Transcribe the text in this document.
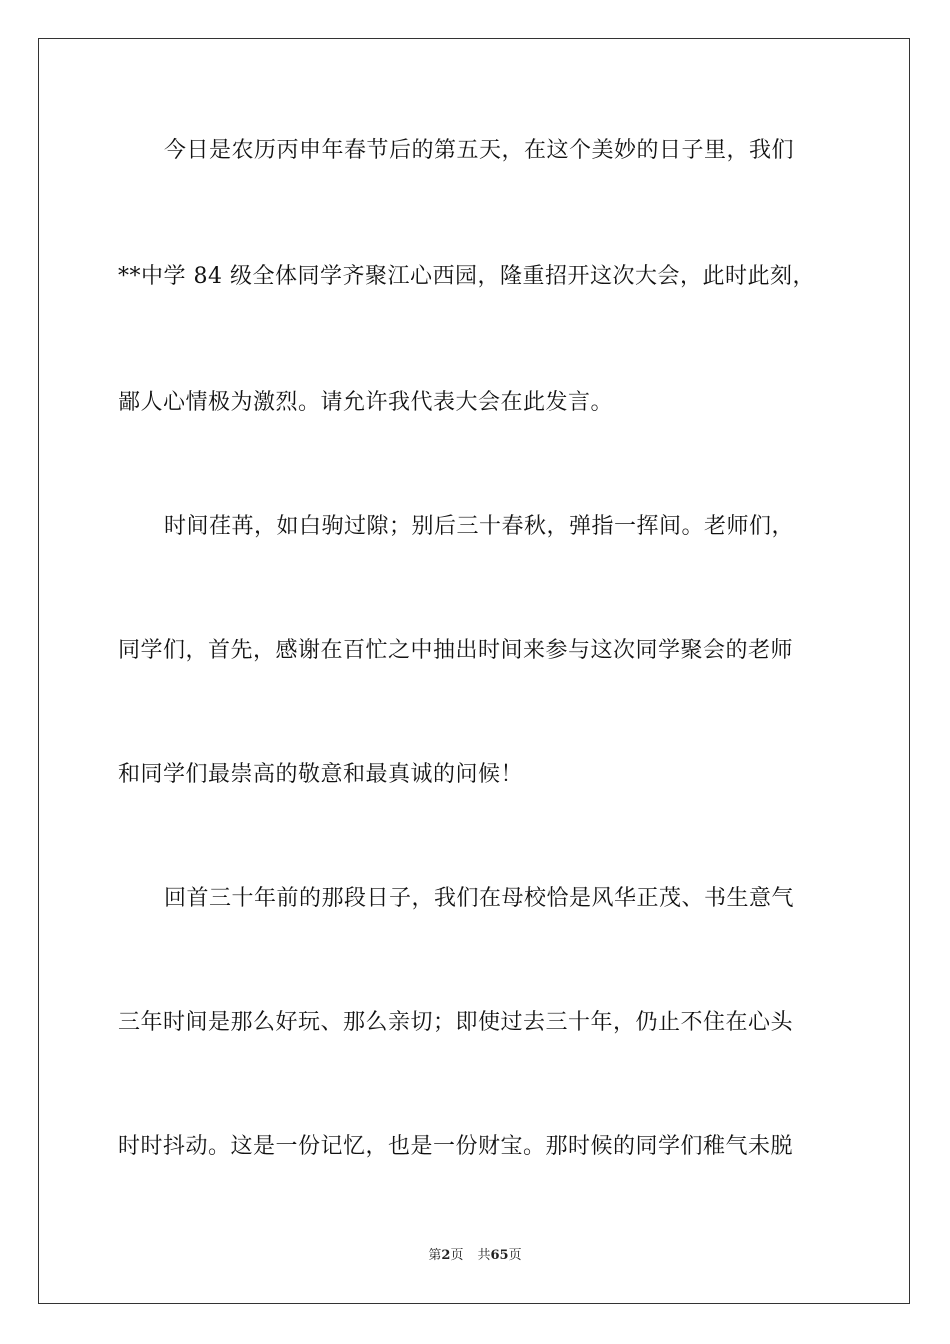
今日是农历丙申年春节后的第五天，在这个美妙的日子里，我们
**中学 84 级全体同学齐聚江心西园，隆重招开这次大会，此时此刻，
鄙人心情极为激烈。请允许我代表大会在此发言。
时间荏苒，如白驹过隙；别后三十春秋，弹指一挥间。老师们，
同学们，首先，感谢在百忙之中抽出时间来参与这次同学聚会的老师
和同学们最崇高的敬意和最真诚的问候！
回首三十年前的那段日子，我们在母校恰是风华正茂、书生意气
三年时间是那么好玩、那么亲切；即使过去三十年，仍止不住在心头
时时抖动。这是一份记忆，也是一份财宝。那时候的同学们稚气未脱
第2页 共65页
